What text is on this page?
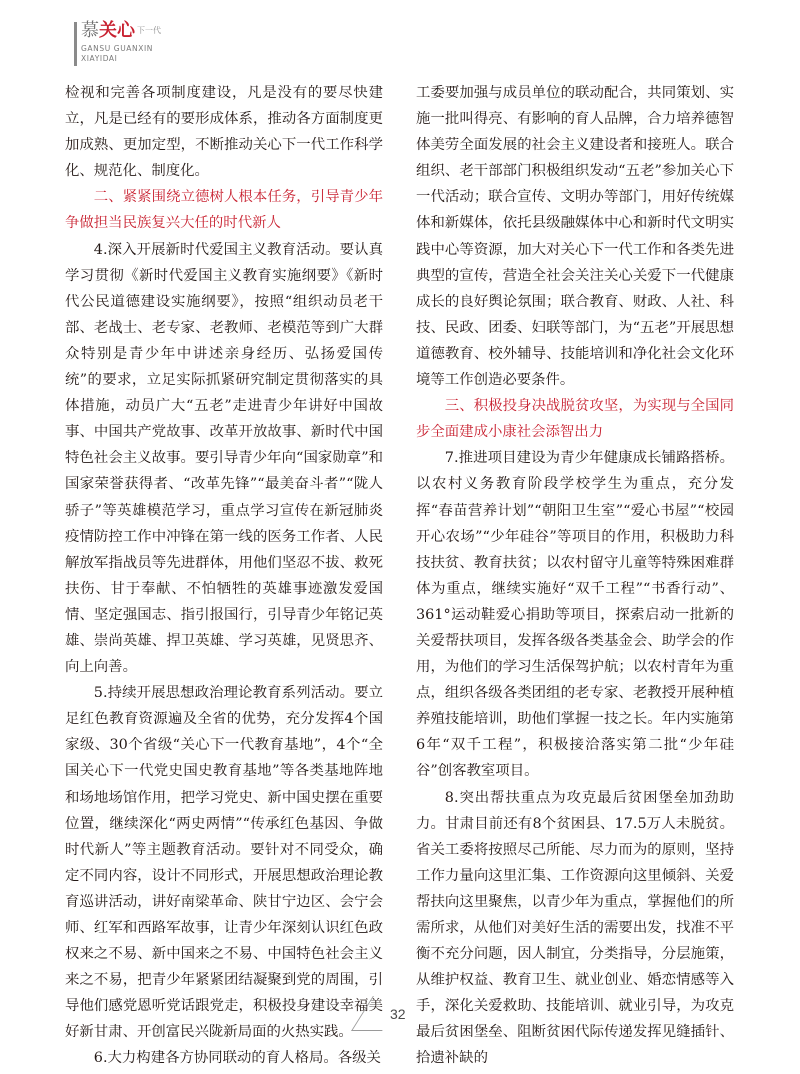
慕关心 $^{下一代}$
GANSU GUANXIN
XIAYIDAI

检视和完善各项制度建设，凡是没有的要尽快建立，凡是已经有的要形成体系，推动各方面制度更加成熟、更加定型，不断推动关心下一代工作科学化、规范化、制度化。

二、紧紧围绕立德树人根本任务，引导青少年争做担当民族复兴大任的时代新人

4.深入开展新时代爱国主义教育活动。要认真学习贯彻《新时代爱国主义教育实施纲要》《新时代公民道德建设实施纲要》，按照“组织动员老干部、老战士、老专家、老教师、老模范等到广大群众特别是青少年中讲述亲身经历、弘扬爱国传统”的要求，立足实际抓紧研究制定贯彻落实的具体措施，动员广大“五老”走进青少年讲好中国故事、中国共产党故事、改革开放故事、新时代中国特色社会主义故事。要引导青少年向“国家勋章”和国家荣誉获得者、“改革先锋”“最美奋斗者”“陇人骄子”等英雄模范学习，重点学习宣传在新冠肺炎疫情防控工作中冲锋在第一线的医务工作者、人民解放军指战员等先进群体，用他们坚忍不拔、救死扶伤、甘于奉献、不怕牺牲的英雄事迹激发爱国情、坚定强国志、指引报国行，引导青少年铭记英雄、崇尚英雄、捍卫英雄、学习英雄，见贤思齐、向上向善。

5.持续开展思想政治理论教育系列活动。要立足红色教育资源遍及全省的优势，充分发挥4个国家级、30个省级“关心下一代教育基地”，4个“全国关心下一代党史国史教育基地”等各类基地阵地和场地场馆作用，把学习党史、新中国史摆在重要位置，继续深化“两史两情”“传承红色基因、争做时代新人”等主题教育活动。要针对不同受众，确定不同内容，设计不同形式，开展思想政治理论教育巡讲活动，讲好南梁革命、陕甘宁边区、会宁会师、红军和西路军故事，让青少年深刻认识红色政权来之不易、新中国来之不易、中国特色社会主义来之不易，把青少年紧紧团结凝聚到党的周围，引导他们感党恩听党话跟党走，积极投身建设幸福美好新甘肃、开创富民兴陇新局面的火热实践。

6.大力构建各方协同联动的育人格局。各级关

工委要加强与成员单位的联动配合，共同策划、实施一批叫得亮、有影响的育人品牌，合力培养德智体美劳全面发展的社会主义建设者和接班人。联合组织、老干部部门积极组织发动“五老”参加关心下一代活动；联合宣传、文明办等部门，用好传统媒体和新媒体，依托县级融媒体中心和新时代文明实践中心等资源，加大对关心下一代工作和各类先进典型的宣传，营造全社会关注关心关爱下一代健康成长的良好舆论氛围；联合教育、财政、人社、科技、民政、团委、妇联等部门，为“五老”开展思想道德教育、校外辅导、技能培训和净化社会文化环境等工作创造必要条件。

三、积极投身决战脱贫攻坚，为实现与全国同步全面建成小康社会添智出力

7.推进项目建设为青少年健康成长铺路搭桥。以农村义务教育阶段学校学生为重点，充分发挥“春苗营养计划”“朝阳卫生室”“爱心书屋”“校园开心农场”“少年硅谷”等项目的作用，积极助力科技扶贫、教育扶贫；以农村留守儿童等特殊困难群体为重点，继续实施好“双千工程”“书香行动”、361°运动鞋爱心捐助等项目，探索启动一批新的关爱帮扶项目，发挥各级各类基金会、助学会的作用，为他们的学习生活保驾护航；以农村青年为重点，组织各级各类团组的老专家、老教授开展种植养殖技能培训，助他们掌握一技之长。年内实施第6年“双千工程”，积极接洽落实第二批“少年硅谷”创客教室项目。

8.突出帮扶重点为攻克最后贫困堡垒加劲助力。甘肃目前还有8个贫困县、17.5万人未脱贫。省关工委将按照尽己所能、尽力而为的原则，坚持工作力量向这里汇集、工作资源向这里倾斜、关爱帮扶向这里聚焦，以青少年为重点，掌握他们的所需所求，从他们对美好生活的需要出发，找准不平衡不充分问题，因人制宜，分类指导，分层施策，从维护权益、教育卫生、就业创业、婚恋情感等入手，深化关爱救助、技能培训、就业引导，为攻克最后贫困堡垒、阻断贫困代际传递发挥见缝插针、拾遗补缺的

32
